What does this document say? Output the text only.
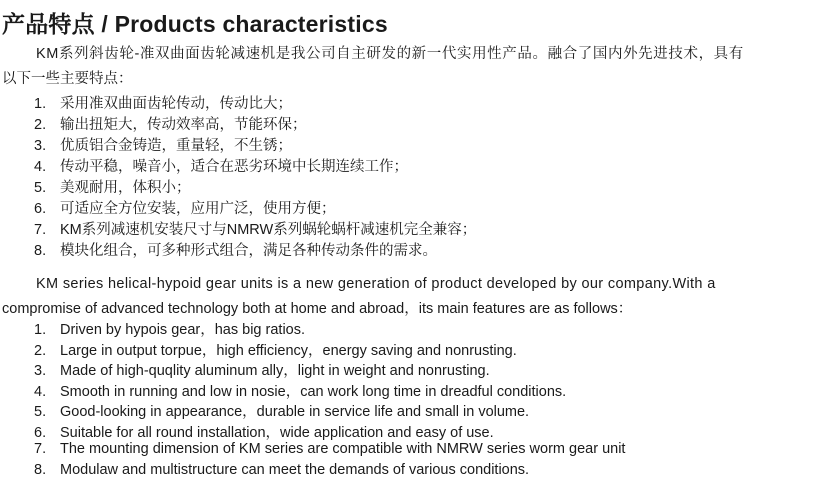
产品特点 / Products characteristics
KM系列斜齿轮-准双曲面齿轮减速机是我公司自主研发的新一代实用性产品。融合了国内外先进技术，具有
以下一些主要特点：
1. 采用准双曲面齿轮传动，传动比大；
2. 输出扭矩大，传动效率高，节能环保；
3. 优质铝合金铸造，重量轻，不生锈；
4. 传动平稳，噪音小，适合在恶劣环境中长期连续工作；
5. 美观耐用，体积小；
6. 可适应全方位安装，应用广泛，使用方便；
7. KM系列减速机安装尺寸与NMRW系列蜗轮蜗杆减速机完全兼容；
8. 模块化组合，可多种形式组合，满足各种传动条件的需求。
KM series helical-hypoid gear units is a new generation of product developed by our company.With a
compromise of advanced technology both at home and abroad，its main features are as follows：
1. Driven by hypois gear，has big ratios.
2. Large in output torpue，high efficiency，energy saving and nonrusting.
3. Made of high-quqlity aluminum ally，light in weight and nonrusting.
4. Smooth in running and low in nosie，can work long time in dreadful conditions.
5. Good-looking in appearance，durable in service life and small in volume.
6. Suitable for all round installation，wide application and easy of use.
7. The mounting dimension of KM series are compatible with NMRW series worm gear unit
8. Modulaw and multistructure can meet the demands of various conditions.
